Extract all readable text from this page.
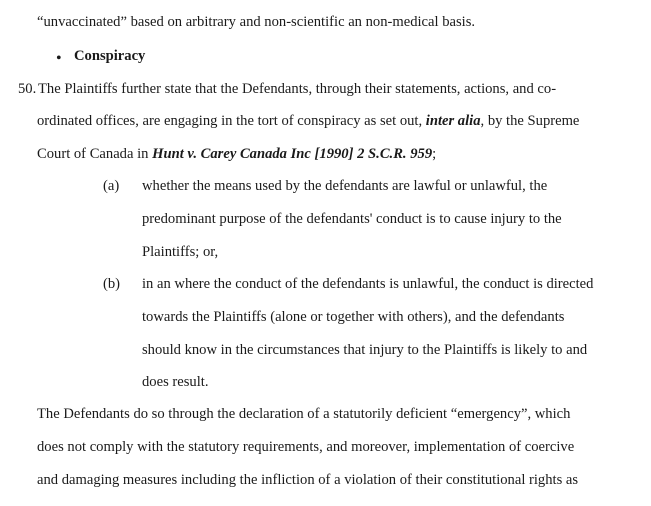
“unvaccinated” based on arbitrary and non-scientific an non-medical basis.
• Conspiracy
50. The Plaintiffs further state that the Defendants, through their statements, actions, and co-
ordinated offices, are engaging in the tort of conspiracy as set out, inter alia, by the Supreme
Court of Canada in Hunt v. Carey Canada Inc [1990] 2 S.C.R. 959;
(a) whether the means used by the defendants are lawful or unlawful, the
predominant purpose of the defendants' conduct is to cause injury to the
Plaintiffs; or,
(b) in an where the conduct of the defendants is unlawful, the conduct is directed
towards the Plaintiffs (alone or together with others), and the defendants
should know in the circumstances that injury to the Plaintiffs is likely to and
does result.
The Defendants do so through the declaration of a statutorily deficient “emergency”, which
does not comply with the statutory requirements, and moreover, implementation of coercive
and damaging measures including the infliction of a violation of their constitutional rights as
